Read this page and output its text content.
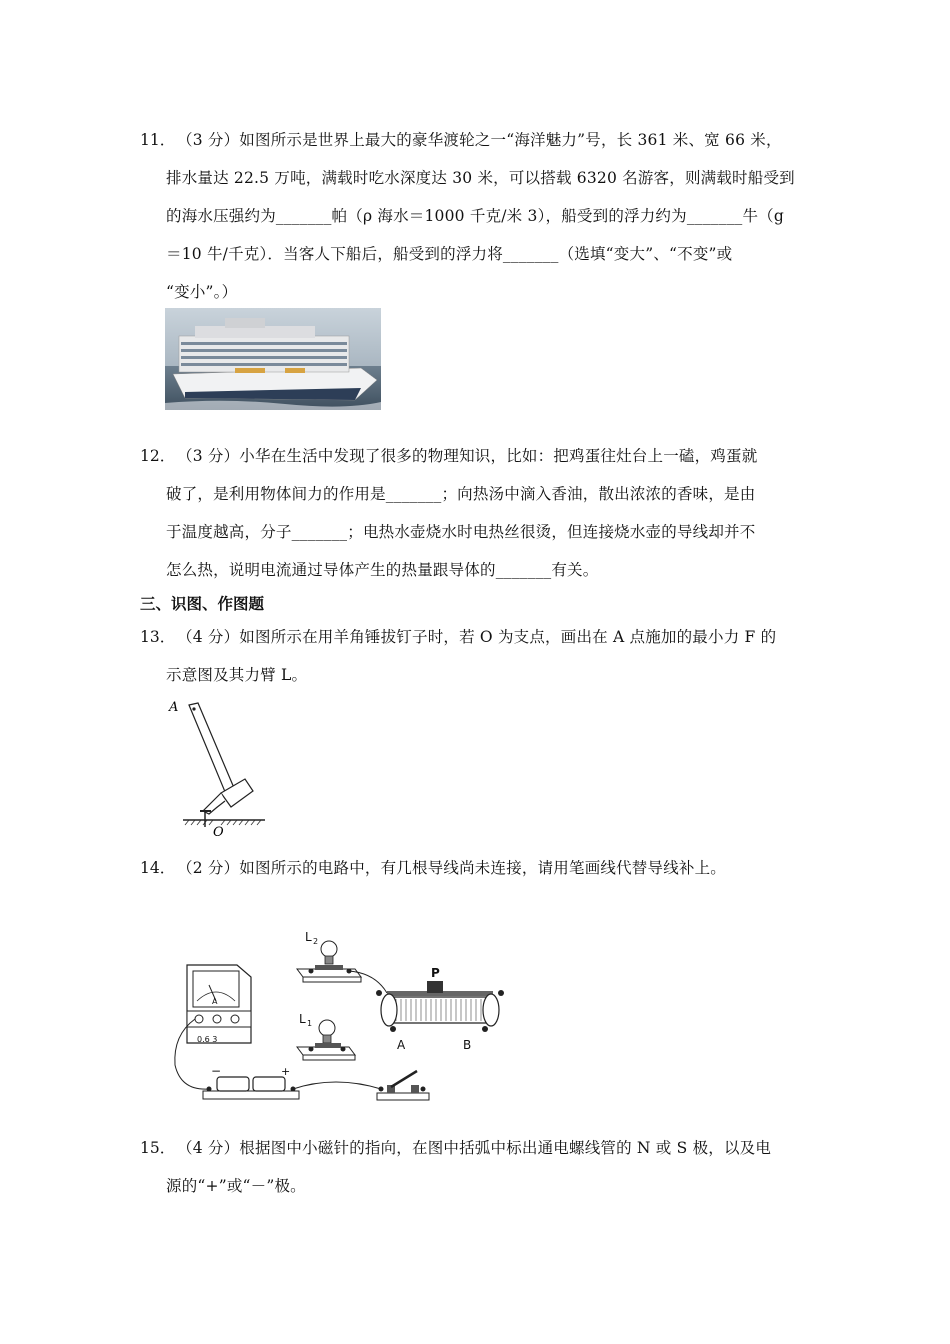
11． （3 分）如图所示是世界上最大的豪华渡轮之一“海洋魅力”号，长 361 米、宽 66 米，
排水量达 22.5 万吨，满载时吃水深度达 30 米，可以搭载 6320 名游客，则满载时船受到
的海水压强约为_______帕（ρ 海水＝1000 千克/米 3），船受到的浮力约为_______牛（g
＝10 牛/千克）．当客人下船后，船受到的浮力将_______（选填“变大”、“不变”或
“变小”。）
12． （3 分）小华在生活中发现了很多的物理知识，比如：把鸡蛋往灶台上一磕，鸡蛋就
破了，是利用物体间力的作用是_______；向热汤中滴入香油，散出浓浓的香味，是由
于温度越高，分子_______；电热水壶烧水时电热丝很烫，但连接烧水壶的导线却并不
怎么热，说明电流通过导体产生的热量跟导体的_______有关。
三、识图、作图题
13． （4 分）如图所示在用羊角锤拔钉子时，若 O 为支点，画出在 A 点施加的最小力 F 的
示意图及其力臂 L。
A
O
14． （2 分）如图所示的电路中，有几根导线尚未连接，请用笔画线代替导线补上。
L 2
L 1
A
0.6 3
P
A	B
−	+
15． （4 分）根据图中小磁针的指向，在图中括弧中标出通电螺线管的 N 或 S 极，以及电
源的“+”或“－”极。
